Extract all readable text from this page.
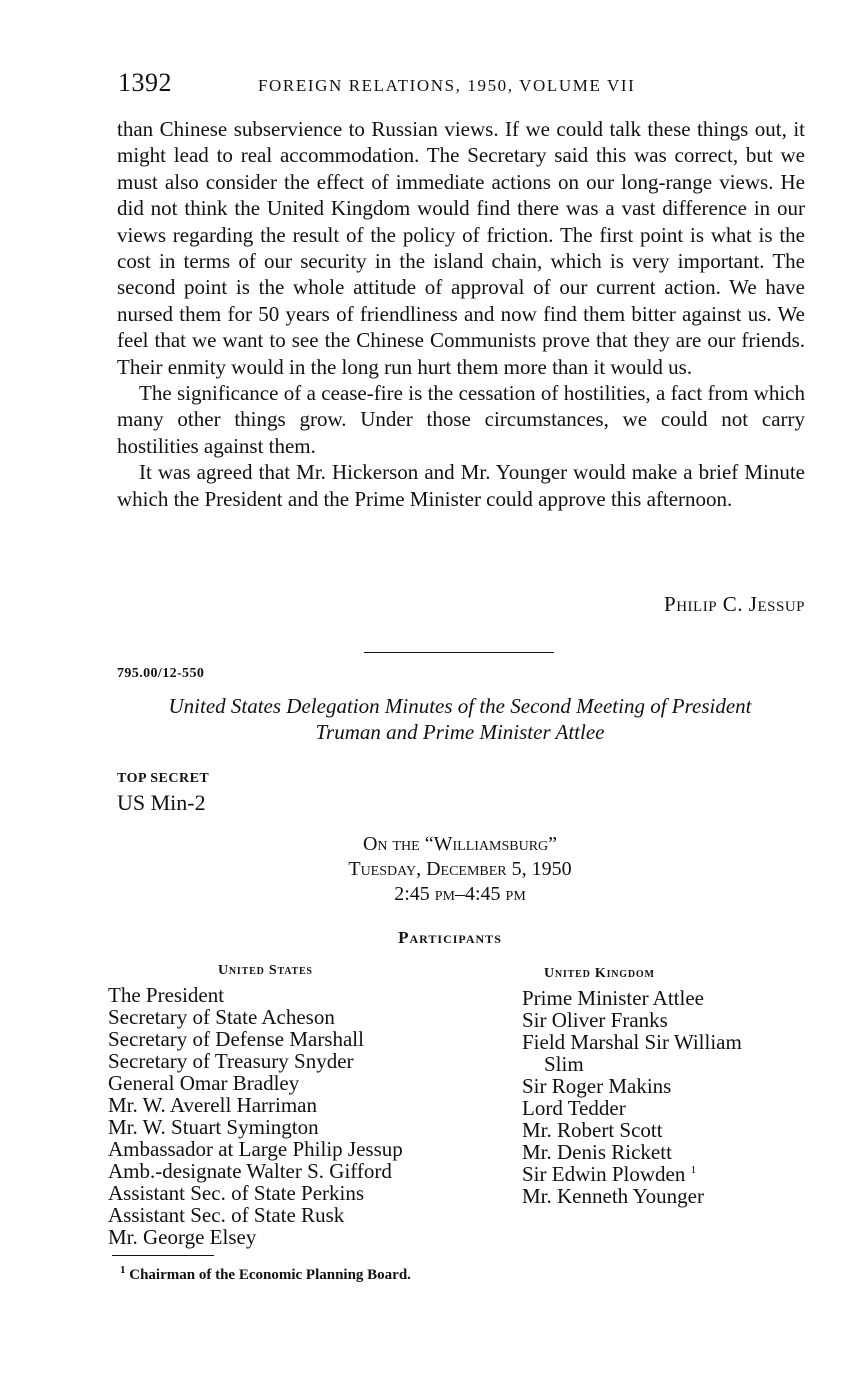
1392	FOREIGN RELATIONS, 1950, VOLUME VII

than Chinese subservience to Russian views. If we could talk these things out, it might lead to real accommodation. The Secretary said this was correct, but we must also consider the effect of immediate actions on our long-range views. He did not think the United Kingdom would find there was a vast difference in our views regarding the result of the policy of friction. The first point is what is the cost in terms of our security in the island chain, which is very important. The second point is the whole attitude of approval of our current action. We have nursed them for 50 years of friendliness and now find them bitter against us. We feel that we want to see the Chinese Communists prove that they are our friends. Their enmity would in the long run hurt them more than it would us.

The significance of a cease-fire is the cessation of hostilities, a fact from which many other things grow. Under those circumstances, we could not carry hostilities against them.

It was agreed that Mr. Hickerson and Mr. Younger would make a brief Minute which the President and the Prime Minister could approve this afternoon.

Philip C. Jessup
795.00/12-550
United States Delegation Minutes of the Second Meeting of President
Truman and Prime Minister Attlee
TOP SECRET
US Min-2
On the “Williamsburg”
Tuesday, December 5, 1950
2:45 pm–4:45 pm
Participants
United States	United Kingdom
The President
Secretary of State Acheson
Secretary of Defense Marshall
Secretary of Treasury Snyder
General Omar Bradley
Mr. W. Averell Harriman
Mr. W. Stuart Symington
Ambassador at Large Philip Jessup
Amb.-designate Walter S. Gifford
Assistant Sec. of State Perkins
Assistant Sec. of State Rusk
Mr. George Elsey
Prime Minister Attlee
Sir Oliver Franks
Field Marshal Sir William
Slim
Sir Roger Makins
Lord Tedder
Mr. Robert Scott
Mr. Denis Rickett
Sir Edwin Plowden $^1$
Mr. Kenneth Younger
$^1$ Chairman of the Economic Planning Board.
